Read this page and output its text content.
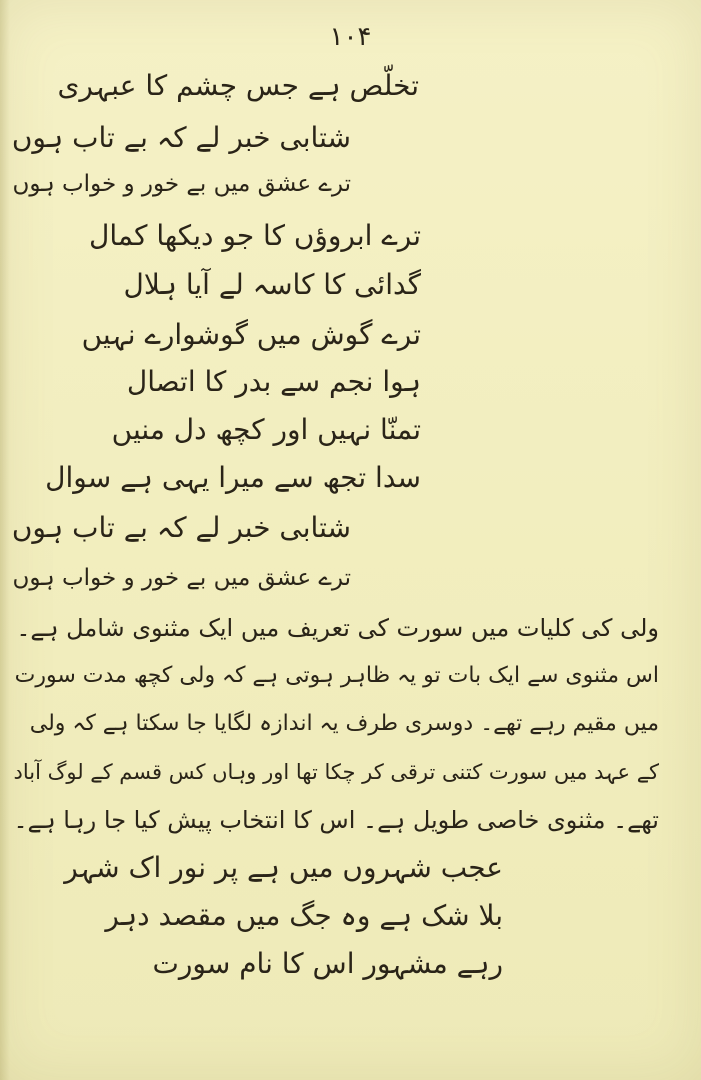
۱۰۴
تخلّص ہے جس چشم کا عبہری
شتابی خبر لے کہ بے تاب ہوں
ترے عشق میں بے خور و خواب ہوں
ترے ابروؤں کا جو دیکھا کمال
گدائی کا کاسہ لے آیا ہلال
ترے گوش میں گوشوارے نہیں
ہوا نجم سے بدر کا اتصال
تمنّا نہیں اور کچھ دل منیں
سدا تجھ سے میرا یہی ہے سوال
شتابی خبر لے کہ بے تاب ہوں
ترے عشق میں بے خور و خواب ہوں
ولی کی کلیات میں سورت کی تعریف میں ایک مثنوی شامل ہے۔
اس مثنوی سے ایک بات تو یہ ظاہر ہوتی ہے کہ ولی کچھ مدت سورت
میں مقیم رہے تھے۔ دوسری طرف یہ اندازہ لگایا جا سکتا ہے کہ ولی
کے عہد میں سورت کتنی ترقی کر چکا تھا اور وہاں کس قسم کے لوگ آباد
تھے۔ مثنوی خاصی طویل ہے۔ اس کا انتخاب پیش کیا جا رہا ہے۔
عجب شہروں میں ہے پر نور اک شہر
بلا شک ہے وہ جگ میں مقصد دہر
رہے مشہور اس کا نام سورت
